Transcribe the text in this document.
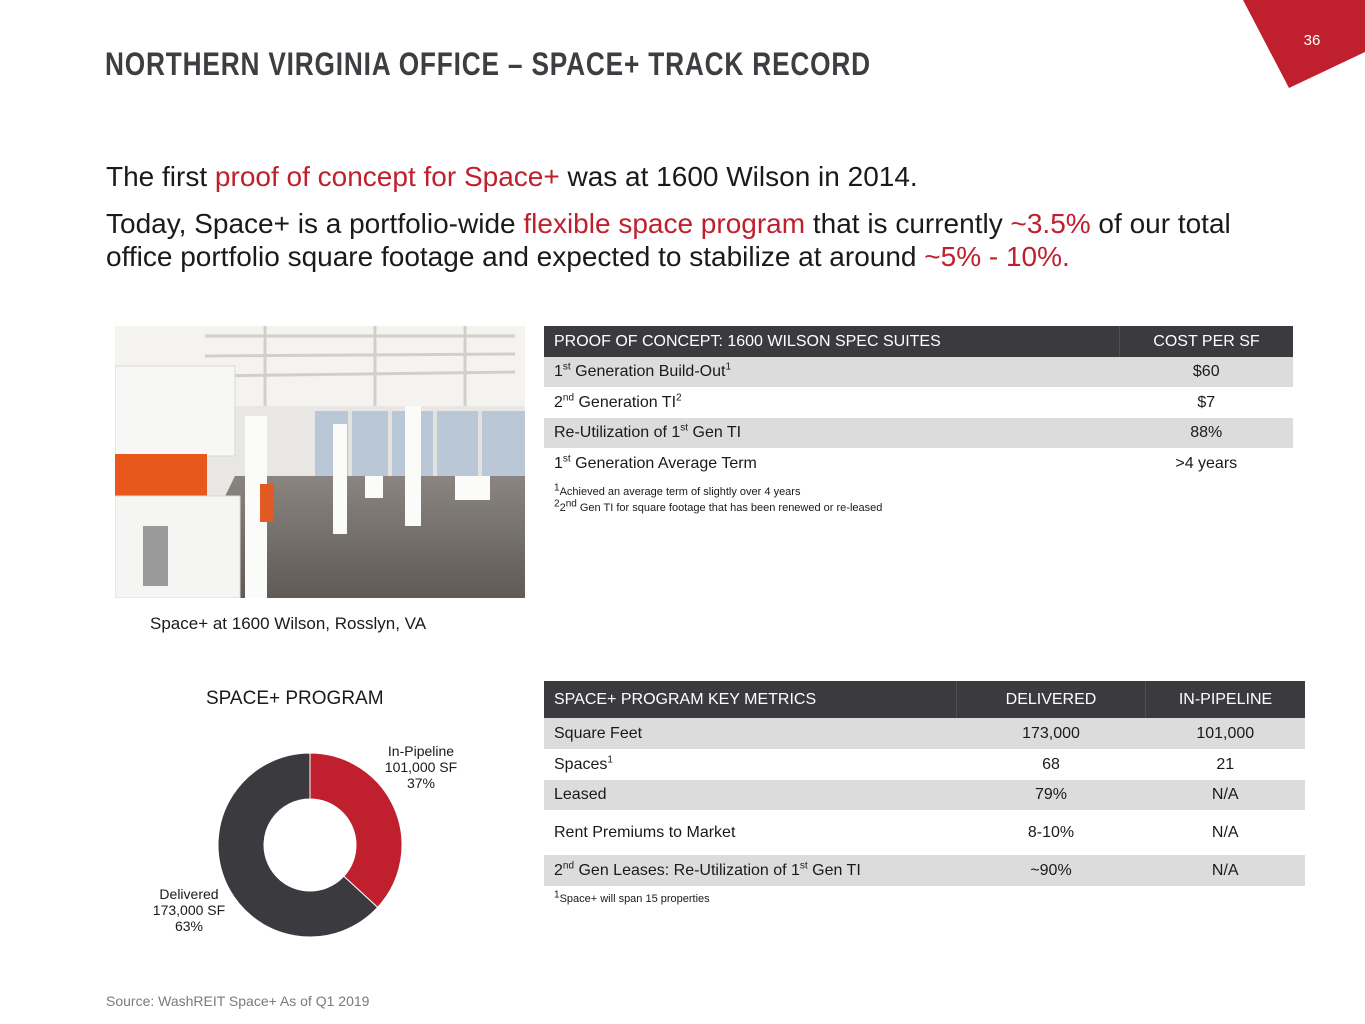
36
NORTHERN VIRGINIA OFFICE – SPACE+ TRACK RECORD

The first proof of concept for Space+ was at 1600 Wilson in 2014.

Today, Space+ is a portfolio-wide flexible space program that is currently ~3.5% of our total office portfolio square footage and expected to stabilize at around ~5% - 10%.

Space+ at 1600 Wilson, Rosslyn, VA
PROOF OF CONCEPT: 1600 WILSON SPEC SUITES	COST PER SF
1st Generation Build-Out$^1$	$60
2nd Generation $TI^2$	$7
Re-Utilization of 1st Gen TI	88%
1st Generation Average Term	>4 years
$^1$Achieved an average term of slightly over 4 years
$^2$2nd Gen TI for square footage that has been renewed or re-leased
SPACE+ PROGRAM
In-Pipeline
101,000 SF
37%
Delivered
173,000 SF
63%
SPACE+ PROGRAM KEY METRICS	DELIVERED	IN-PIPELINE
Square Feet	173,000	101,000
Spaces$^1$	68	21
Leased	79%	N/A
Rent Premiums to Market	8-10%	N/A
2nd Gen Leases: Re-Utilization of 1st Gen TI	~90%	N/A
$^1$Space+ will span 15 properties
Source: WashREIT Space+ As of Q1 2019
